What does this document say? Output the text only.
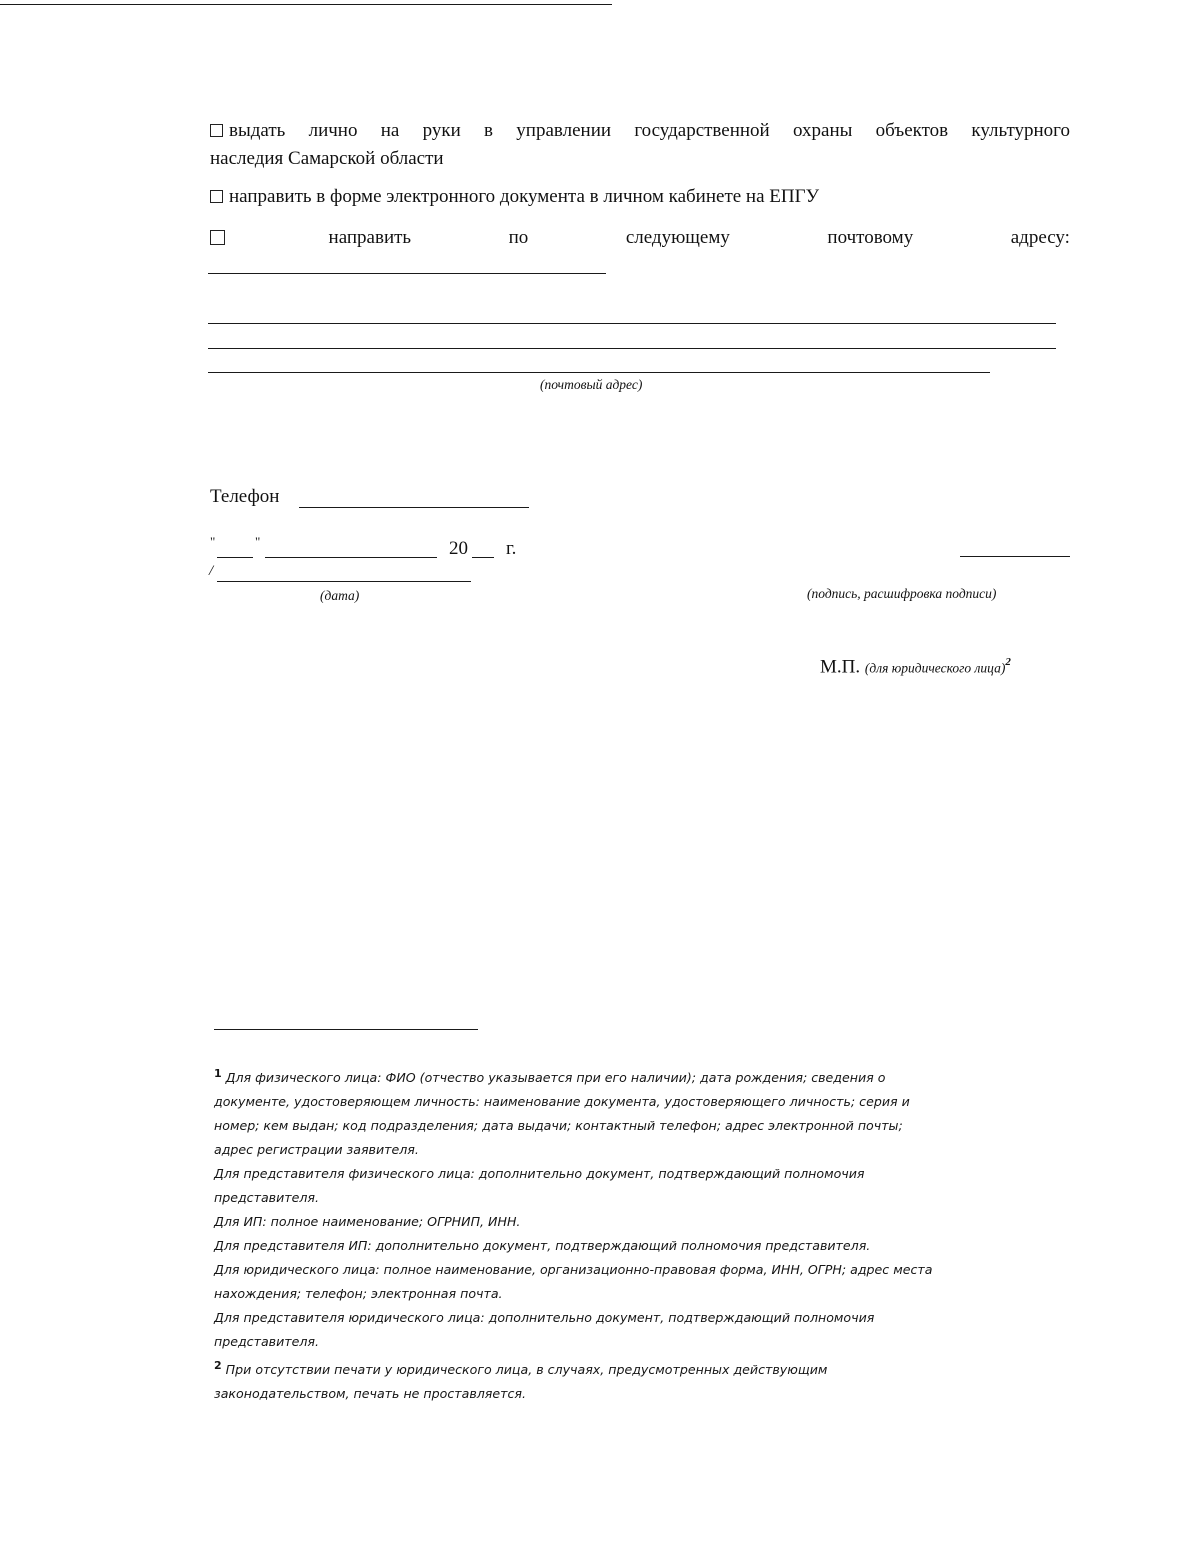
выдать лично на руки в управлении государственной охраны объектов культурного
наследия Самарской области
направить в форме электронного документа в личном кабинете на ЕПГУ
направить	по	следующему	почтовому	адресу:
(почтовый адрес)
Телефон
"	"	20 г.
/
(дата)	(подпись, расшифровка подписи)
М.П. (для юридического лица)$^2$
$^1$ Для физического лица: ФИО (отчество указывается при его наличии); дата рождения; сведения о
документе, удостоверяющем личность: наименование документа, удостоверяющего личность; серия и
номер; кем выдан; код подразделения; дата выдачи; контактный телефон; адрес электронной почты;
адрес регистрации заявителя.
Для представителя физического лица: дополнительно документ, подтверждающий полномочия
представителя.
Для ИП: полное наименование; ОГРНИП, ИНН.
Для представителя ИП: дополнительно документ, подтверждающий полномочия представителя.
Для юридического лица: полное наименование, организационно-правовая форма, ИНН, ОГРН; адрес места
нахождения; телефон; электронная почта.
Для представителя юридического лица: дополнительно документ, подтверждающий полномочия
представителя.
$^2$ При отсутствии печати у юридического лица, в случаях, предусмотренных действующим
законодательством, печать не проставляется.
